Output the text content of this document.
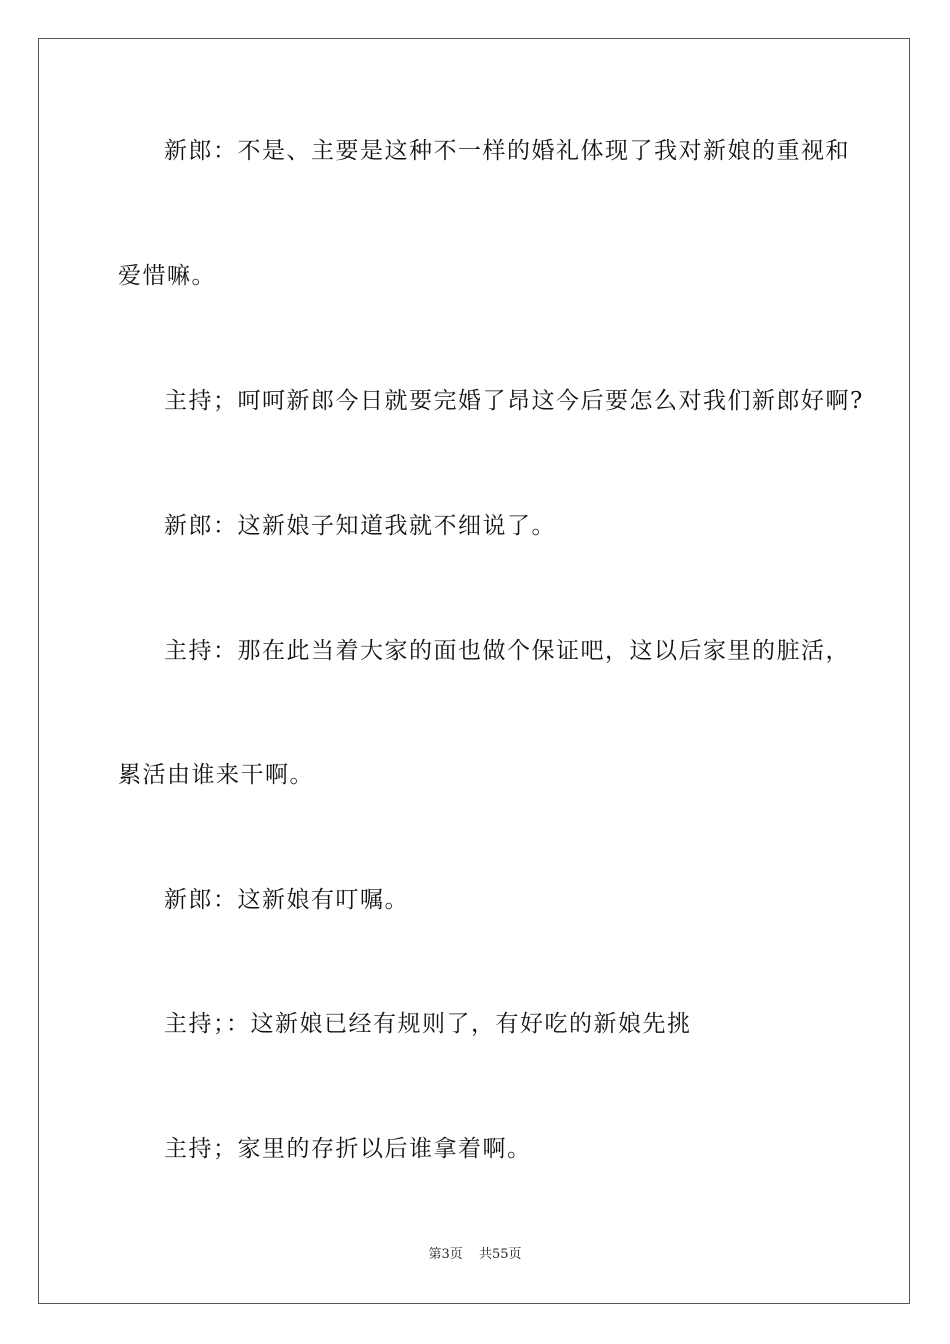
新郎：不是、主要是这种不一样的婚礼体现了我对新娘的重视和
爱惜嘛。
主持；呵呵新郎今日就要完婚了昂这今后要怎么对我们新郎好啊?
新郎：这新娘子知道我就不细说了。
主持：那在此当着大家的面也做个保证吧，这以后家里的脏活，
累活由谁来干啊。
新郎：这新娘有叮嘱。
主持；：这新娘已经有规则了，有好吃的新娘先挑
主持；家里的存折以后谁拿着啊。
第3页 共55页
